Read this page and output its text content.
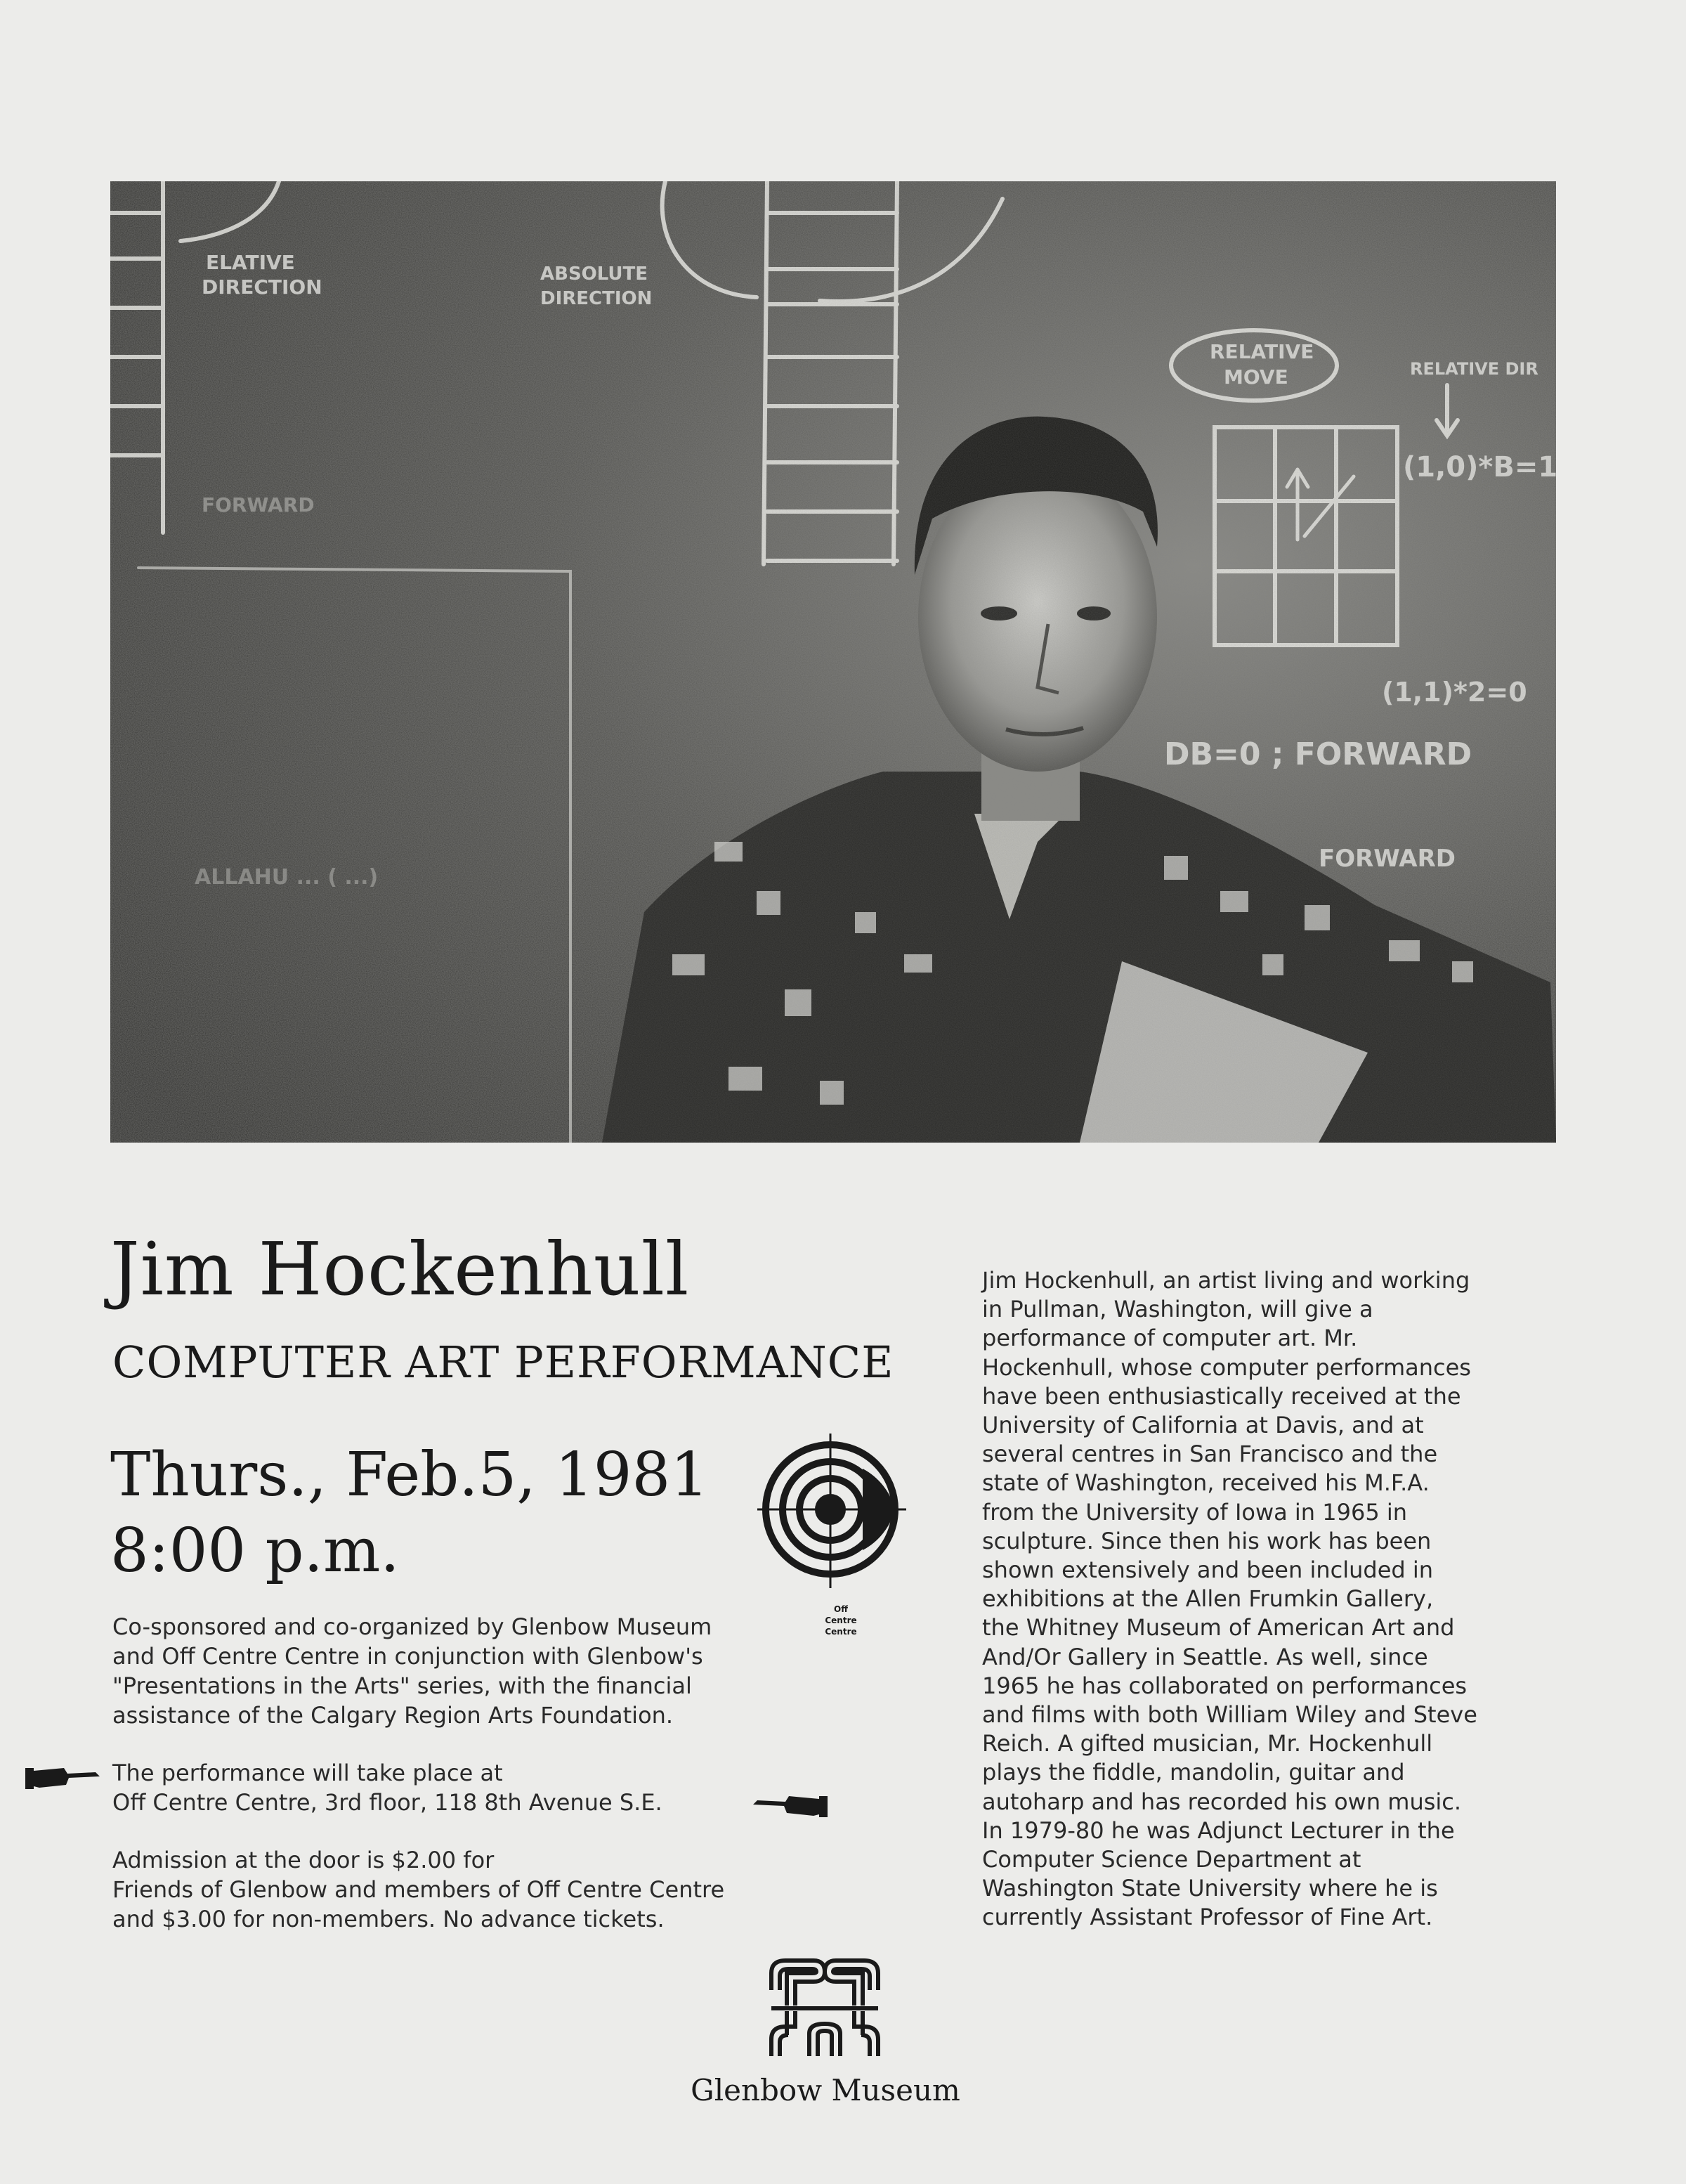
Jim Hockenhull
COMPUTER ART PERFORMANCE
Thurs., Feb.5, 1981
8:00 p.m.
Off
Centre
Centre
Co-sponsored and co-organized by Glenbow Museum
and Off Centre Centre in conjunction with Glenbow's
"Presentations in the Arts" series, with the financial
assistance of the Calgary Region Arts Foundation.
The performance will take place at
Off Centre Centre, 3rd floor, 118 8th Avenue S.E.
Admission at the door is $2.00 for
Friends of Glenbow and members of Off Centre Centre
and $3.00 for non-members. No advance tickets.
Jim Hockenhull, an artist living and working
in Pullman, Washington, will give a
performance of computer art. Mr.
Hockenhull, whose computer performances
have been enthusiastically received at the
University of California at Davis, and at
several centres in San Francisco and the
state of Washington, received his M.F.A.
from the University of Iowa in 1965 in
sculpture. Since then his work has been
shown extensively and been included in
exhibitions at the Allen Frumkin Gallery,
the Whitney Museum of American Art and
And/Or Gallery in Seattle. As well, since
1965 he has collaborated on performances
and films with both William Wiley and Steve
Reich. A gifted musician, Mr. Hockenhull
plays the fiddle, mandolin, guitar and
autoharp and has recorded his own music.
In 1979-80 he was Adjunct Lecturer in the
Computer Science Department at
Washington State University where he is
currently Assistant Professor of Fine Art.
Glenbow Museum
